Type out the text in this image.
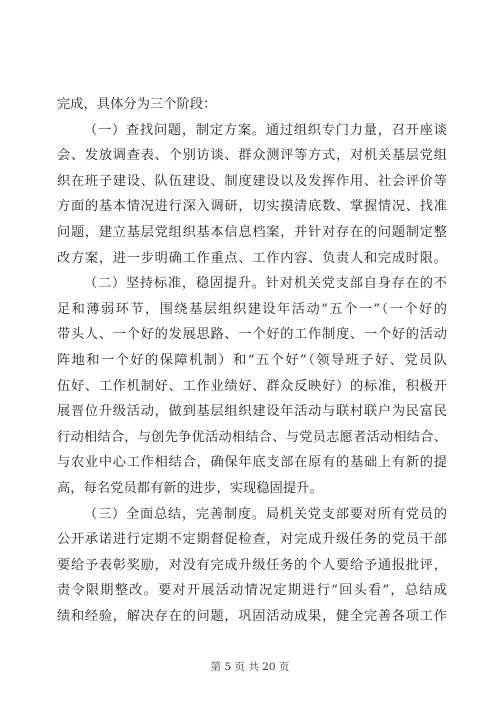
完成，具体分为三个阶段：
（一）查找问题，制定方案。通过组织专门力量，召开座谈
会、发放调查表、个别访谈、群众测评等方式，对机关基层党组
织在班子建设、队伍建设、制度建设以及发挥作用、社会评价等
方面的基本情况进行深入调研，切实摸清底数、掌握情况、找准
问题，建立基层党组织基本信息档案，并针对存在的问题制定整
改方案，进一步明确工作重点、工作内容、负责人和完成时限。
（二）坚持标准，稳固提升。针对机关党支部自身存在的不
足和薄弱环节，围绕基层组织建设年活动“五个一”（一个好的
带头人、一个好的发展思路、一个好的工作制度、一个好的活动
阵地和一个好的保障机制）和“五个好”（领导班子好、党员队
伍好、工作机制好、工作业绩好、群众反映好）的标准，积极开
展晋位升级活动，做到基层组织建设年活动与联村联户为民富民
行动相结合，与创先争优活动相结合、与党员志愿者活动相结合、
与农业中心工作相结合，确保年底支部在原有的基础上有新的提
高，每名党员都有新的进步，实现稳固提升。
（三）全面总结，完善制度。局机关党支部要对所有党员的
公开承诺进行定期不定期督促检查，对完成升级任务的党员干部
要给予表彰奖励，对没有完成升级任务的个人要给予通报批评，
责令限期整改。要对开展活动情况定期进行“回头看”，总结成
绩和经验，解决存在的问题，巩固活动成果，健全完善各项工作
第 5 页 共 20 页
